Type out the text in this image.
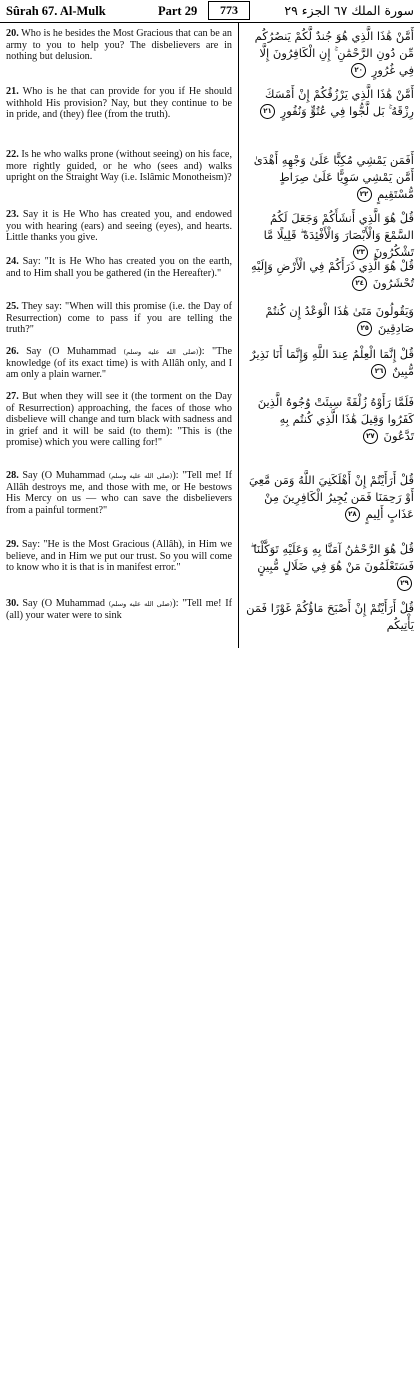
Sûrah 67. Al-Mulk	Part 29	773	سورة الملك ٦٧ الجزء ٢٩
20. Who is he besides the Most Gracious that can be an army to you to help you? The disbelievers are in nothing but delusion.
أَمَّنْ هَٰذَا الَّذِي هُوَ جُندٌ لَّكُمْ يَنصُرُكُم مِّن دُونِ الرَّحْمَٰنِ ۚ إِنِ الْكَافِرُونَ إِلَّا فِي غُرُورٍ ٢٠
21. Who is he that can provide for you if He should withhold His provision? Nay, but they continue to be in pride, and (they) flee (from the truth).
أَمَّنْ هَٰذَا الَّذِي يَرْزُقُكُمْ إِنْ أَمْسَكَ رِزْقَهُ ۚ بَل لَّجُّوا فِي عُتُوٍّ وَنُفُورٍ ٢١
22. Is he who walks prone (without seeing) on his face, more rightly guided, or he who (sees and) walks upright on the Straight Way (i.e. Islâmic Monotheism)?
أَفَمَن يَمْشِي مُكِبًّا عَلَىٰ وَجْهِهِ أَهْدَىٰ أَمَّن يَمْشِي سَوِيًّا عَلَىٰ صِرَاطٍ مُّسْتَقِيمٍ ٢٢
23. Say it is He Who has created you, and endowed you with hearing (ears) and seeing (eyes), and hearts. Little thanks you give.
قُلْ هُوَ الَّذِي أَنشَأَكُمْ وَجَعَلَ لَكُمُ السَّمْعَ وَالْأَبْصَارَ وَالْأَفْئِدَةَ ۖ قَلِيلًا مَّا تَشْكُرُونَ ٢٣
24. Say: "It is He Who has created you on the earth, and to Him shall you be gathered (in the Hereafter)."
قُلْ هُوَ الَّذِي ذَرَأَكُمْ فِي الْأَرْضِ وَإِلَيْهِ تُحْشَرُونَ ٢٤
25. They say: "When will this promise (i.e. the Day of Resurrection) come to pass if you are telling the truth?"
وَيَقُولُونَ مَتَىٰ هَٰذَا الْوَعْدُ إِن كُنتُمْ صَادِقِينَ ٢٥
26. Say (O Muhammad (صلى الله عليه وسلم)): "The knowledge (of its exact time) is with Allâh only, and I am only a plain warner."
قُلْ إِنَّمَا الْعِلْمُ عِندَ اللَّهِ وَإِنَّمَا أَنَا نَذِيرٌ مُّبِينٌ ٢٦
27. But when they will see it (the torment on the Day of Resurrection) approaching, the faces of those who disbelieve will change and turn black with sadness and in grief and it will be said (to them): "This is (the promise) which you were calling for!"
فَلَمَّا رَأَوْهُ زُلْفَةً سِيئَتْ وُجُوهُ الَّذِينَ كَفَرُوا وَقِيلَ هَٰذَا الَّذِي كُنتُم بِهِ تَدَّعُونَ ٢٧
28. Say (O Muhammad (صلى الله عليه وسلم)): "Tell me! If Allâh destroys me, and those with me, or He bestows His Mercy on us — who can save the disbelievers from a painful torment?"
قُلْ أَرَأَيْتُمْ إِنْ أَهْلَكَنِيَ اللَّهُ وَمَن مَّعِيَ أَوْ رَحِمَنَا فَمَن يُجِيرُ الْكَافِرِينَ مِنْ عَذَابٍ أَلِيمٍ ٢٨
29. Say: "He is the Most Gracious (Allâh), in Him we believe, and in Him we put our trust. So you will come to know who it is that is in manifest error."
قُلْ هُوَ الرَّحْمَٰنُ آمَنَّا بِهِ وَعَلَيْهِ تَوَكَّلْنَا ۖ فَسَتَعْلَمُونَ مَنْ هُوَ فِي ضَلَالٍ مُّبِينٍ ٢٩
30. Say (O Muhammad (صلى الله عليه وسلم)): "Tell me! If (all) your water were to sink
قُلْ أَرَأَيْتُمْ إِنْ أَصْبَحَ مَاؤُكُمْ غَوْرًا فَمَن يَأْتِيكُم
